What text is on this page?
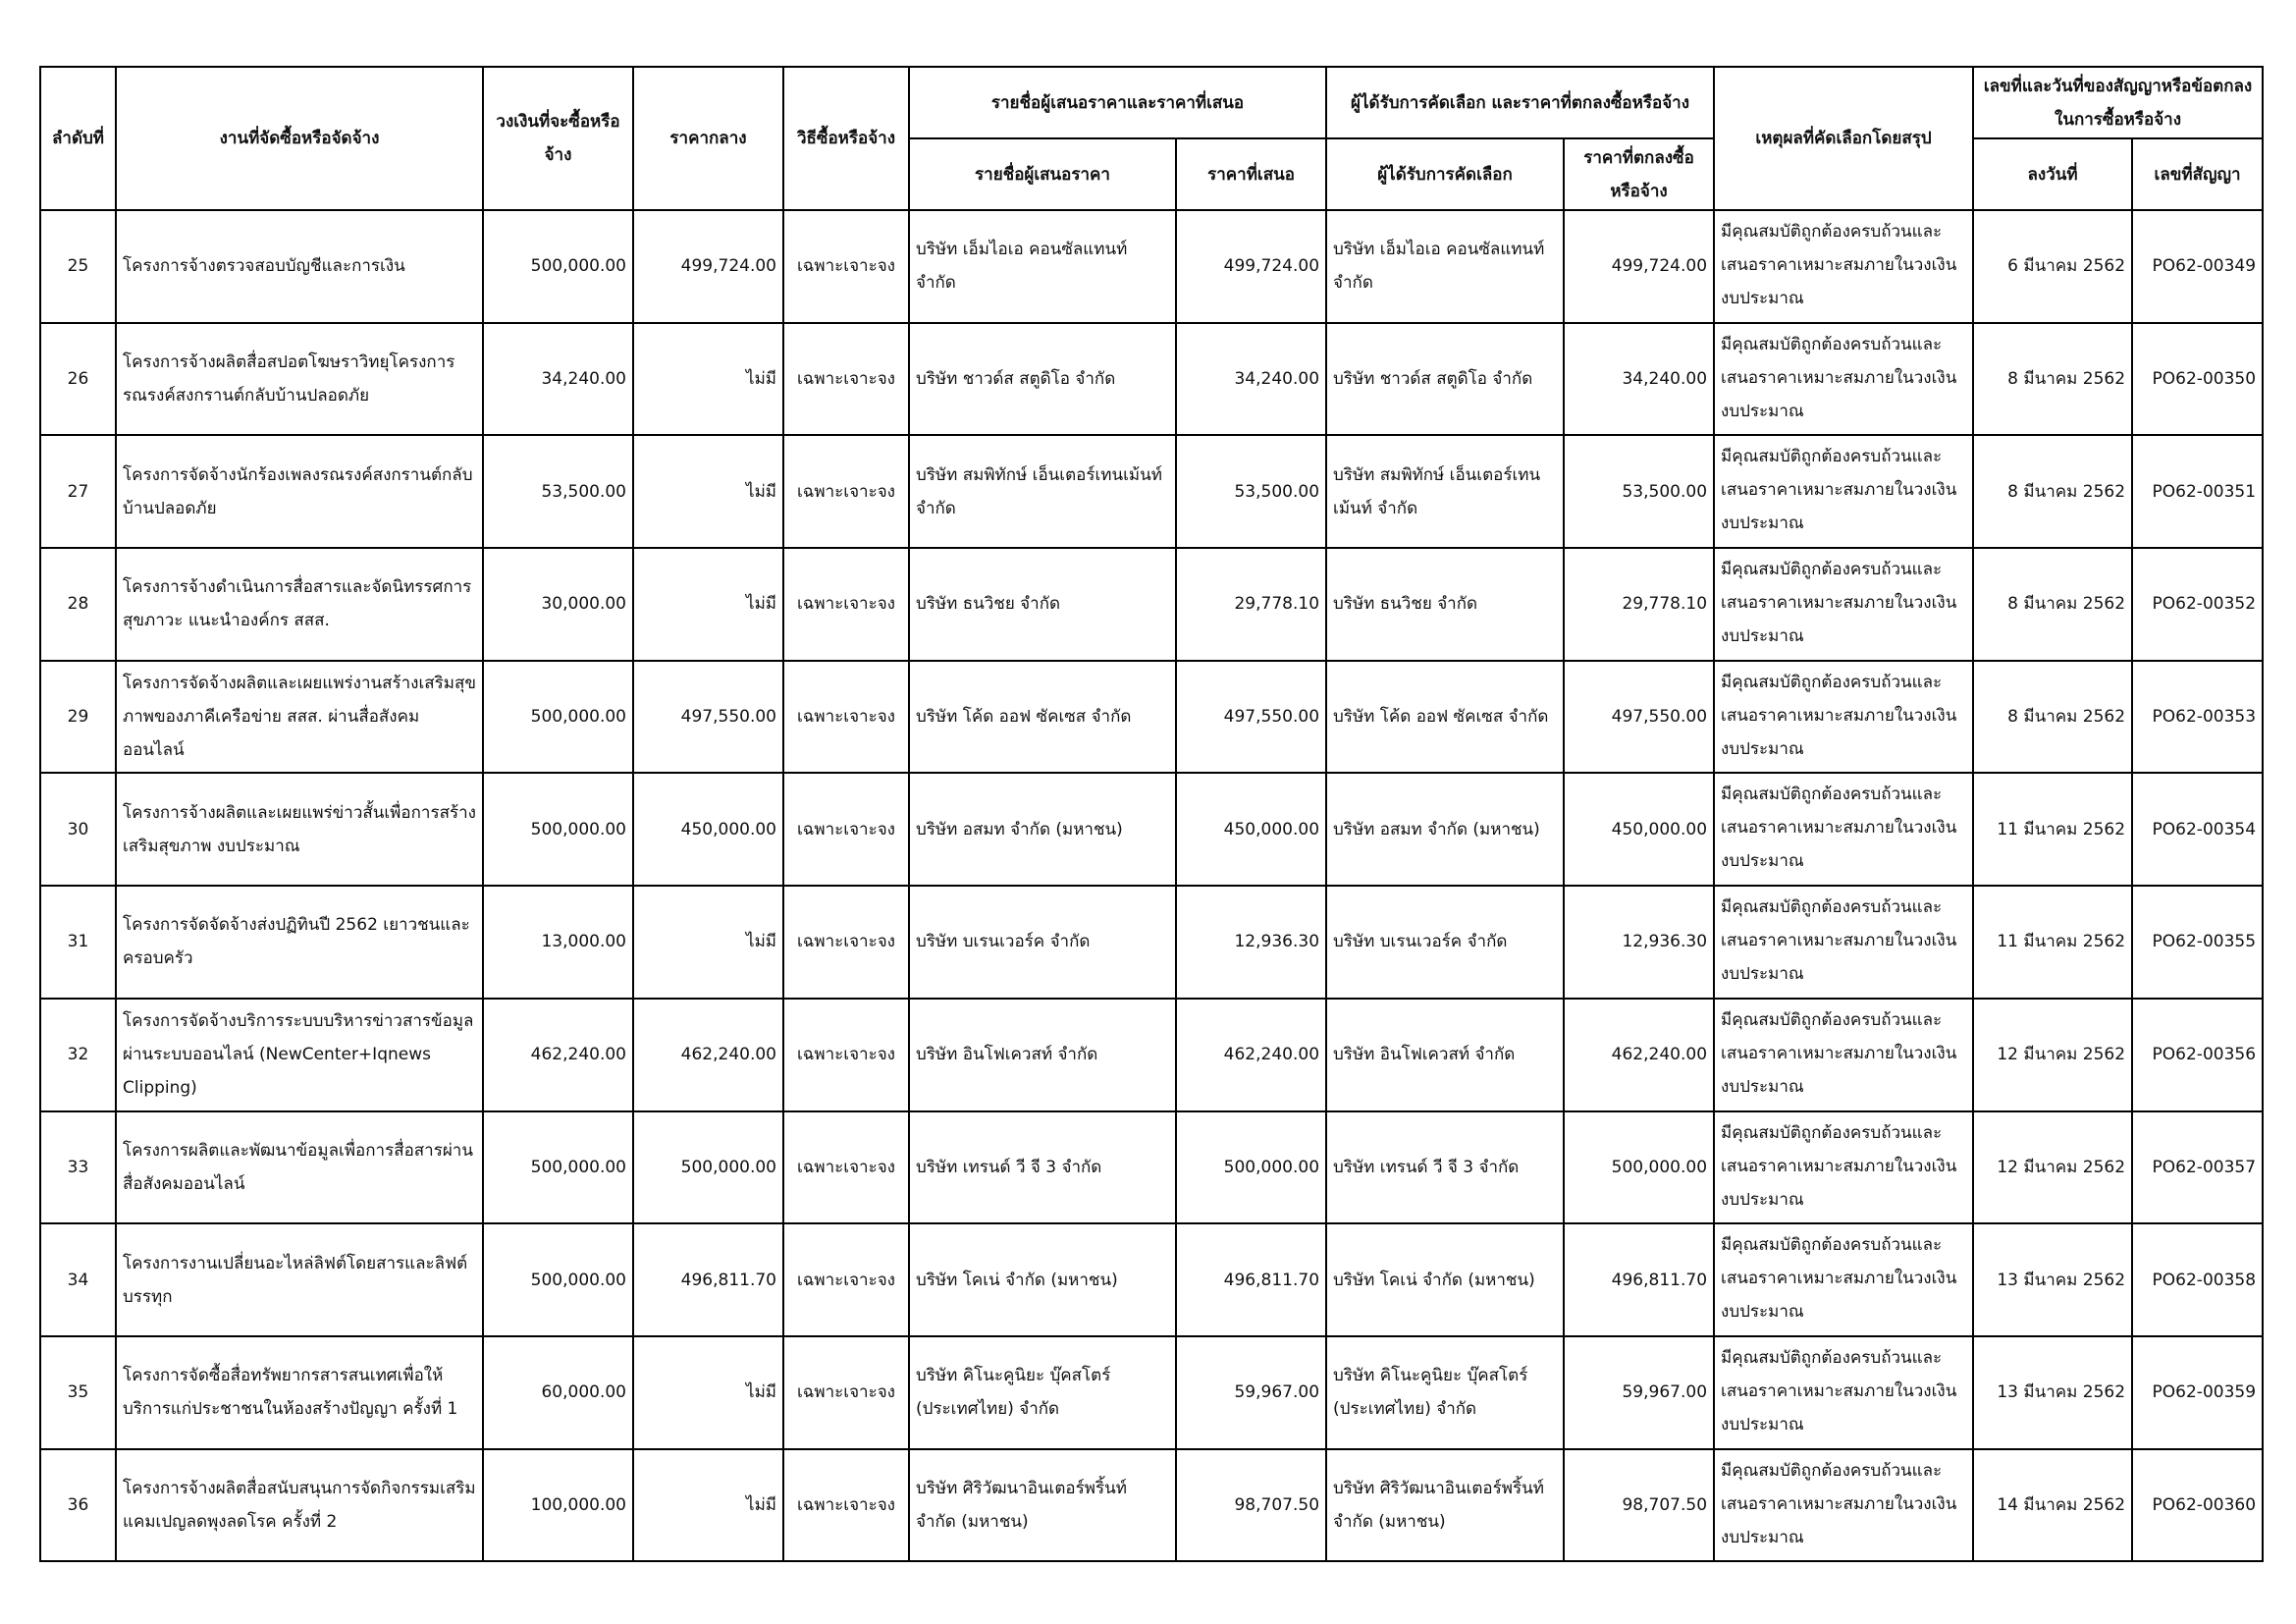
ลำดับที่	งานที่จัดซื้อหรือจัดจ้าง	วงเงินที่จะซื้อหรือจ้าง	ราคากลาง	วิธีซื้อหรือจ้าง	รายชื่อผู้เสนอราคาและราคาที่เสนอ		ผู้ได้รับการคัดเลือก และราคาที่ตกลงซื้อหรือจ้าง		เหตุผลที่คัดเลือกโดยสรุป	เลขที่และวันที่ของสัญญาหรือข้อตกลงในการซื้อหรือจ้าง	
					รายชื่อผู้เสนอราคา	ราคาที่เสนอ	ผู้ได้รับการคัดเลือก	ราคาที่ตกลงซื้อหรือจ้าง		ลงวันที่	เลขที่สัญญา
25	โครงการจ้างตรวจสอบบัญชีและการเงิน	500,000.00	499,724.00	เฉพาะเจาะจง	บริษัท เอ็มไอเอ คอนซัลแทนท์ จำกัด	499,724.00	บริษัท เอ็มไอเอ คอนซัลแทนท์ จำกัด	499,724.00	มีคุณสมบัติถูกต้องครบถ้วนและเสนอราคาเหมาะสมภายในวงเงินงบประมาณ	6 มีนาคม 2562	PO62-00349
26	โครงการจ้างผลิตสื่อสปอตโฆษราวิทยุโครงการรณรงค์สงกรานต์กลับบ้านปลอดภัย	34,240.00	ไม่มี	เฉพาะเจาะจง	บริษัท ชาวด์ส สตูดิโอ จำกัด	34,240.00	บริษัท ชาวด์ส สตูดิโอ จำกัด	34,240.00	มีคุณสมบัติถูกต้องครบถ้วนและเสนอราคาเหมาะสมภายในวงเงินงบประมาณ	8 มีนาคม 2562	PO62-00350
27	โครงการจัดจ้างนักร้องเพลงรณรงค์สงกรานต์กลับบ้านปลอดภัย	53,500.00	ไม่มี	เฉพาะเจาะจง	บริษัท สมพิทักษ์ เอ็นเตอร์เทนเม้นท์ จำกัด	53,500.00	บริษัท สมพิทักษ์ เอ็นเตอร์เทนเม้นท์ จำกัด	53,500.00	มีคุณสมบัติถูกต้องครบถ้วนและเสนอราคาเหมาะสมภายในวงเงินงบประมาณ	8 มีนาคม 2562	PO62-00351
28	โครงการจ้างดำเนินการสื่อสารและจัดนิทรรศการสุขภาวะ แนะนำองค์กร สสส.	30,000.00	ไม่มี	เฉพาะเจาะจง	บริษัท ธนวิชย จำกัด	29,778.10	บริษัท ธนวิชย จำกัด	29,778.10	มีคุณสมบัติถูกต้องครบถ้วนและเสนอราคาเหมาะสมภายในวงเงินงบประมาณ	8 มีนาคม 2562	PO62-00352
29	โครงการจัดจ้างผลิตและเผยแพร่งานสร้างเสริมสุขภาพของภาคีเครือข่าย สสส. ผ่านสื่อสังคมออนไลน์	500,000.00	497,550.00	เฉพาะเจาะจง	บริษัท โค้ด ออฟ ซัคเซส จำกัด	497,550.00	บริษัท โค้ด ออฟ ซัคเซส จำกัด	497,550.00	มีคุณสมบัติถูกต้องครบถ้วนและเสนอราคาเหมาะสมภายในวงเงินงบประมาณ	8 มีนาคม 2562	PO62-00353
30	โครงการจ้างผลิตและเผยแพร่ข่าวสั้นเพื่อการสร้างเสริมสุขภาพ งบประมาณ	500,000.00	450,000.00	เฉพาะเจาะจง	บริษัท อสมท จำกัด (มหาชน)	450,000.00	บริษัท อสมท จำกัด (มหาชน)	450,000.00	มีคุณสมบัติถูกต้องครบถ้วนและเสนอราคาเหมาะสมภายในวงเงินงบประมาณ	11 มีนาคม 2562	PO62-00354
31	โครงการจัดจัดจ้างส่งปฏิทินปี 2562 เยาวชนและครอบครัว	13,000.00	ไม่มี	เฉพาะเจาะจง	บริษัท บเรนเวอร์ค จำกัด	12,936.30	บริษัท บเรนเวอร์ค จำกัด	12,936.30	มีคุณสมบัติถูกต้องครบถ้วนและเสนอราคาเหมาะสมภายในวงเงินงบประมาณ	11 มีนาคม 2562	PO62-00355
32	โครงการจัดจ้างบริการระบบบริหารข่าวสารข้อมูลผ่านระบบออนไลน์ (NewCenter+Iqnews Clipping)	462,240.00	462,240.00	เฉพาะเจาะจง	บริษัท อินโฟเควสท์ จำกัด	462,240.00	บริษัท อินโฟเควสท์ จำกัด	462,240.00	มีคุณสมบัติถูกต้องครบถ้วนและเสนอราคาเหมาะสมภายในวงเงินงบประมาณ	12 มีนาคม 2562	PO62-00356
33	โครงการผลิตและพัฒนาข้อมูลเพื่อการสื่อสารผ่านสื่อสังคมออนไลน์	500,000.00	500,000.00	เฉพาะเจาะจง	บริษัท เทรนด์ วี จี 3 จำกัด	500,000.00	บริษัท เทรนด์ วี จี 3 จำกัด	500,000.00	มีคุณสมบัติถูกต้องครบถ้วนและเสนอราคาเหมาะสมภายในวงเงินงบประมาณ	12 มีนาคม 2562	PO62-00357
34	โครงการงานเปลี่ยนอะไหล่ลิฟต์โดยสารและลิฟต์บรรทุก	500,000.00	496,811.70	เฉพาะเจาะจง	บริษัท โคเน่ จำกัด (มหาชน)	496,811.70	บริษัท โคเน่ จำกัด (มหาชน)	496,811.70	มีคุณสมบัติถูกต้องครบถ้วนและเสนอราคาเหมาะสมภายในวงเงินงบประมาณ	13 มีนาคม 2562	PO62-00358
35	โครงการจัดซื้อสื่อทรัพยากรสารสนเทศเพื่อให้บริการแก่ประชาชนในห้องสร้างปัญญา ครั้งที่ 1	60,000.00	ไม่มี	เฉพาะเจาะจง	บริษัท คิโนะคูนิยะ บุ๊คสโตร์ (ประเทศไทย) จำกัด	59,967.00	บริษัท คิโนะคูนิยะ บุ๊คสโตร์ (ประเทศไทย) จำกัด	59,967.00	มีคุณสมบัติถูกต้องครบถ้วนและเสนอราคาเหมาะสมภายในวงเงินงบประมาณ	13 มีนาคม 2562	PO62-00359
36	โครงการจ้างผลิตสื่อสนับสนุนการจัดกิจกรรมเสริมแคมเปญลดพุงลดโรค ครั้งที่ 2	100,000.00	ไม่มี	เฉพาะเจาะจง	บริษัท ศิริวัฒนาอินเตอร์พริ้นท์ จำกัด (มหาชน)	98,707.50	บริษัท ศิริวัฒนาอินเตอร์พริ้นท์ จำกัด (มหาชน)	98,707.50	มีคุณสมบัติถูกต้องครบถ้วนและเสนอราคาเหมาะสมภายในวงเงินงบประมาณ	14 มีนาคม 2562	PO62-00360
